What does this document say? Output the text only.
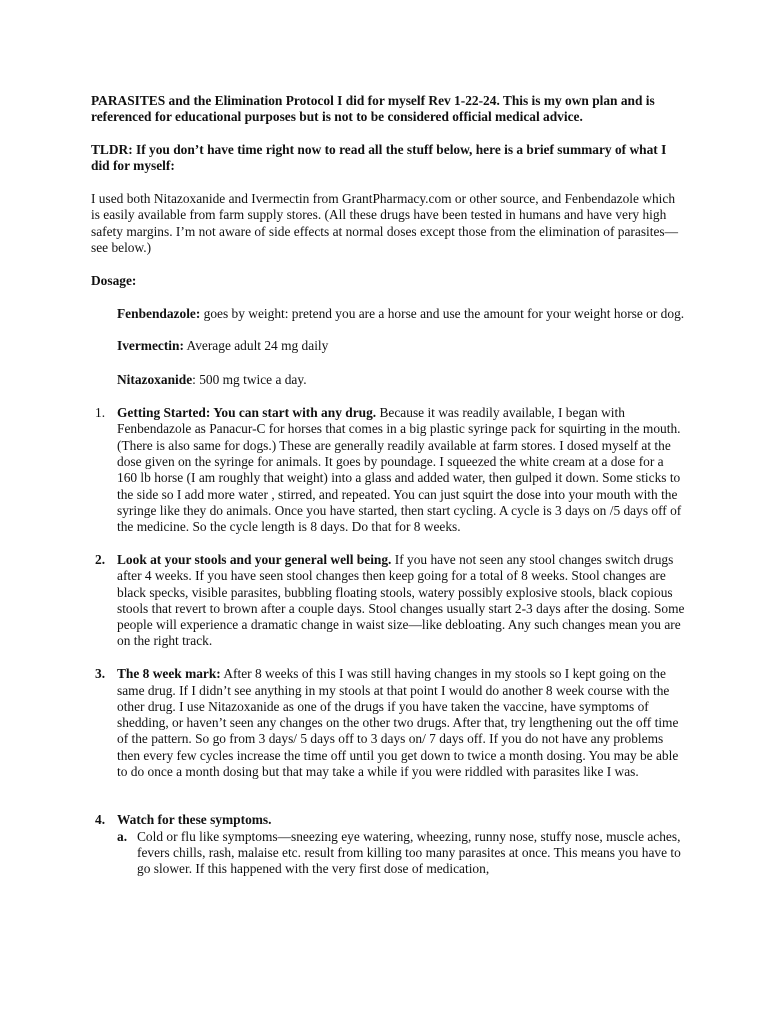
PARASITES and the Elimination Protocol I did for myself Rev 1-22-24. This is my own plan and is referenced for educational purposes but is not to be considered official medical advice.

TLDR: If you don’t have time right now to read all the stuff below, here is a brief summary of what I did for myself:

I used both Nitazoxanide and Ivermectin from GrantPharmacy.com or other source, and Fenbendazole which is easily available from farm supply stores. (All these drugs have been tested in humans and have very high safety margins. I’m not aware of side effects at normal doses except those from the elimination of parasites—see below.)

Dosage:

Fenbendazole: goes by weight: pretend you are a horse and use the amount for your weight horse or dog.

Ivermectin: Average adult 24 mg daily

Nitazoxanide: 500 mg twice a day.

1. Getting Started: You can start with any drug. Because it was readily available, I began with Fenbendazole as Panacur-C for horses that comes in a big plastic syringe pack for squirting in the mouth. (There is also same for dogs.) These are generally readily available at farm stores. I dosed myself at the dose given on the syringe for animals. It goes by poundage. I squeezed the white cream at a dose for a 160 lb horse (I am roughly that weight) into a glass and added water, then gulped it down. Some sticks to the side so I add more water , stirred, and repeated. You can just squirt the dose into your mouth with the syringe like they do animals. Once you have started, then start cycling. A cycle is 3 days on /5 days off of the medicine. So the cycle length is 8 days. Do that for 8 weeks.
2. Look at your stools and your general well being. If you have not seen any stool changes switch drugs after 4 weeks. If you have seen stool changes then keep going for a total of 8 weeks. Stool changes are black specks, visible parasites, bubbling floating stools, watery possibly explosive stools, black copious stools that revert to brown after a couple days. Stool changes usually start 2-3 days after the dosing. Some people will experience a dramatic change in waist size—like debloating. Any such changes mean you are on the right track.
3. The 8 week mark: After 8 weeks of this I was still having changes in my stools so I kept going on the same drug. If I didn’t see anything in my stools at that point I would do another 8 week course with the other drug. I use Nitazoxanide as one of the drugs if you have taken the vaccine, have symptoms of shedding, or haven’t seen any changes on the other two drugs. After that, try lengthening out the off time of the pattern. So go from 3 days/ 5 days off to 3 days on/ 7 days off. If you do not have any problems then every few cycles increase the time off until you get down to twice a month dosing. You may be able to do once a month dosing but that may take a while if you were riddled with parasites like I was.
4. Watch for these symptoms.
a. Cold or flu like symptoms—sneezing eye watering, wheezing, runny nose, stuffy nose, muscle aches, fevers chills, rash, malaise etc. result from killing too many parasites at once. This means you have to go slower. If this happened with the very first dose of medication,
